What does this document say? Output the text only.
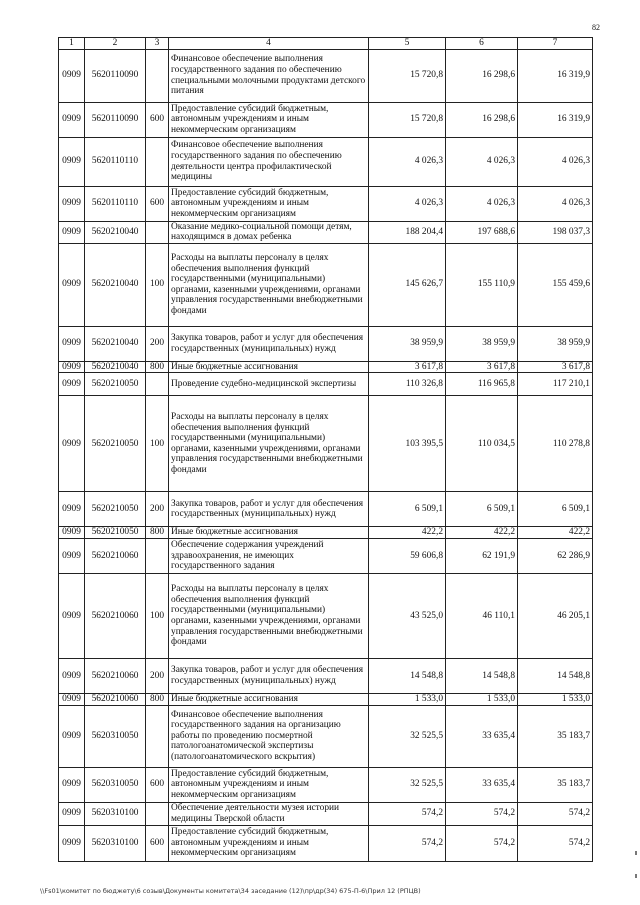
82
1	2	3	4	5	6	7
0909	5620110090		Финансовое обеспечение выполнения государственного задания по обеспечению специальными молочными продуктами детского питания	15 720,8	16 298,6	16 319,9
0909	5620110090	600	Предоставление субсидий бюджетным, автономным учреждениям и иным некоммерческим организациям	15 720,8	16 298,6	16 319,9
0909	5620110110		Финансовое обеспечение выполнения государственного задания по обеспечению деятельности центра профилактической медицины	4 026,3	4 026,3	4 026,3
0909	5620110110	600	Предоставление субсидий бюджетным, автономным учреждениям и иным некоммерческим организациям	4 026,3	4 026,3	4 026,3
0909	5620210040		Оказание медико-социальной помощи детям, находящимся в домах ребенка	188 204,4	197 688,6	198 037,3
0909	5620210040	100	Расходы на выплаты персоналу в целях обеспечения выполнения функций государственными (муниципальными) органами, казенными учреждениями, органами управления государственными внебюджетными фондами	145 626,7	155 110,9	155 459,6
0909	5620210040	200	Закупка товаров, работ и услуг для обеспечения государственных (муниципальных) нужд	38 959,9	38 959,9	38 959,9
0909	5620210040	800	Иные бюджетные ассигнования	3 617,8	3 617,8	3 617,8
0909	5620210050		Проведение судебно-медицинской экспертизы	110 326,8	116 965,8	117 210,1
0909	5620210050	100	Расходы на выплаты персоналу в целях обеспечения выполнения функций государственными (муниципальными) органами, казенными учреждениями, органами управления государственными внебюджетными фондами	103 395,5	110 034,5	110 278,8
0909	5620210050	200	Закупка товаров, работ и услуг для обеспечения государственных (муниципальных) нужд	6 509,1	6 509,1	6 509,1
0909	5620210050	800	Иные бюджетные ассигнования	422,2	422,2	422,2
0909	5620210060		Обеспечение содержания учреждений здравоохранения, не имеющих государственного задания	59 606,8	62 191,9	62 286,9
0909	5620210060	100	Расходы на выплаты персоналу в целях обеспечения выполнения функций государственными (муниципальными) органами, казенными учреждениями, органами управления государственными внебюджетными фондами	43 525,0	46 110,1	46 205,1
0909	5620210060	200	Закупка товаров, работ и услуг для обеспечения государственных (муниципальных) нужд	14 548,8	14 548,8	14 548,8
0909	5620210060	800	Иные бюджетные ассигнования	1 533,0	1 533,0	1 533,0
0909	5620310050		Финансовое обеспечение выполнения государственного задания на организацию работы по проведению посмертной патологоанатомической экспертизы (патологоанатомического вскрытия)	32 525,5	33 635,4	35 183,7
0909	5620310050	600	Предоставление субсидий бюджетным, автономным учреждениям и иным некоммерческим организациям	32 525,5	33 635,4	35 183,7
0909	5620310100		Обеспечение деятельности музея истории медицины Тверской области	574,2	574,2	574,2
0909	5620310100	600	Предоставление субсидий бюджетным, автономным учреждениям и иным некоммерческим организациям	574,2	574,2	574,2
\\Fs01\комитет по бюджету\6 созыв\Документы комитета\34 заседание (12)\пр\др(34) 675-П-6\Прил 12 (РПЦВ)
